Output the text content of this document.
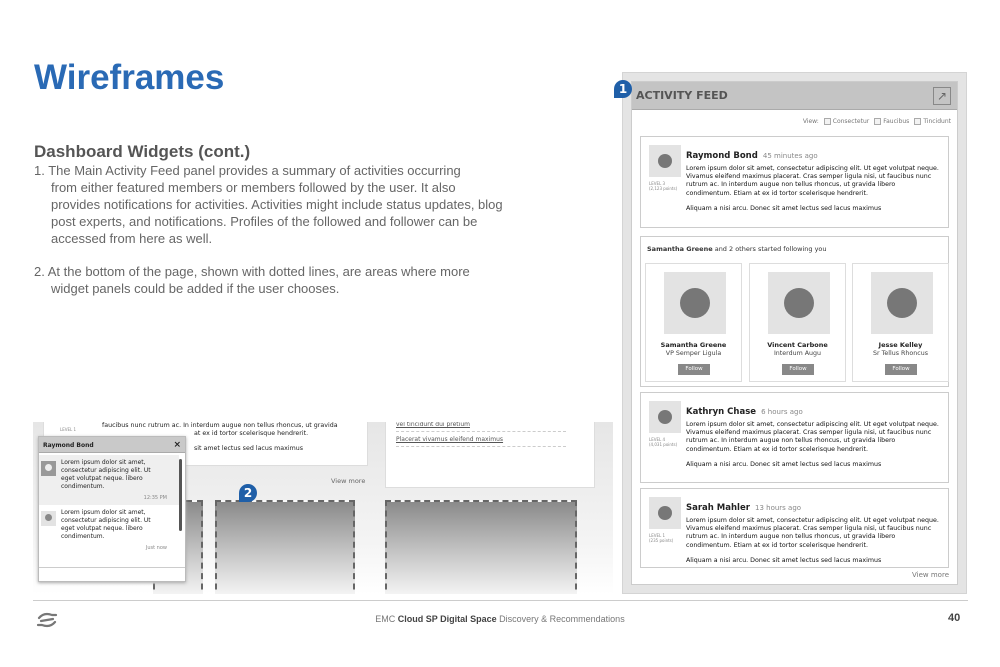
Wireframes
Dashboard Widgets (cont.)
1. The Main Activity Feed panel provides a summary of activities occurring
from either featured members or members followed by the user. It also provides notifications for activities. Activities might include status updates, blog post experts, and notifications. Profiles of the followed and follower can be accessed from here as well.
2. At the bottom of the page, shown with dotted lines, are areas where more
widget panels could be added if the user chooses.
LEVEL 1
faucibus nunc rutrum ac. In interdum augue non tellus rhoncus, ut gravida
at ex id tortor scelerisque hendrerit.
sit amet lectus sed lacus maximus
View more
vel tincidunt dui pretium
Placerat vivamus eleifend maximus
2
Raymond Bond	×
Lorem ipsum dolor sit amet, consectetur adipiscing elit. Ut eget volutpat neque. libero condimentum.
12:35 PM
Lorem ipsum dolor sit amet, consectetur adipiscing elit. Ut eget volutpat neque. libero condimentum.
Just now
ACTIVITY FEED	↗
View:	Consectetur	Faucibus	Tincidunt
LEVEL 3
(2,123 points)
Raymond Bond 45 minutes ago
Lorem ipsum dolor sit amet, consectetur adipiscing elit. Ut eget volutpat neque. Vivamus eleifend maximus placerat. Cras semper ligula nisi, ut faucibus nunc rutrum ac. In interdum augue non tellus rhoncus, ut gravida libero condimentum. Etiam at ex id tortor scelerisque hendrerit.
Aliquam a nisi arcu. Donec sit amet lectus sed lacus maximus
Samantha Greene and 2 others started following you
Samantha Greene
VP Semper Ligula
Follow
Vincent Carbone
Interdum Augu
Follow
Jesse Kelley
Sr Tellus Rhoncus
Follow
LEVEL 4
(4,031 points)
Kathryn Chase 6 hours ago
Lorem ipsum dolor sit amet, consectetur adipiscing elit. Ut eget volutpat neque. Vivamus eleifend maximus placerat. Cras semper ligula nisi, ut faucibus nunc rutrum ac. In interdum augue non tellus rhoncus, ut gravida libero condimentum. Etiam at ex id tortor scelerisque hendrerit.
Aliquam a nisi arcu. Donec sit amet lectus sed lacus maximus
LEVEL 1
(235 points)
Sarah Mahler 13 hours ago
Lorem ipsum dolor sit amet, consectetur adipiscing elit. Ut eget volutpat neque. Vivamus eleifend maximus placerat. Cras semper ligula nisi, ut faucibus nunc rutrum ac. In interdum augue non tellus rhoncus, ut gravida libero condimentum. Etiam at ex id tortor scelerisque hendrerit.
Aliquam a nisi arcu. Donec sit amet lectus sed lacus maximus
View more
1
EMC Cloud SP Digital Space Discovery & Recommendations	40
